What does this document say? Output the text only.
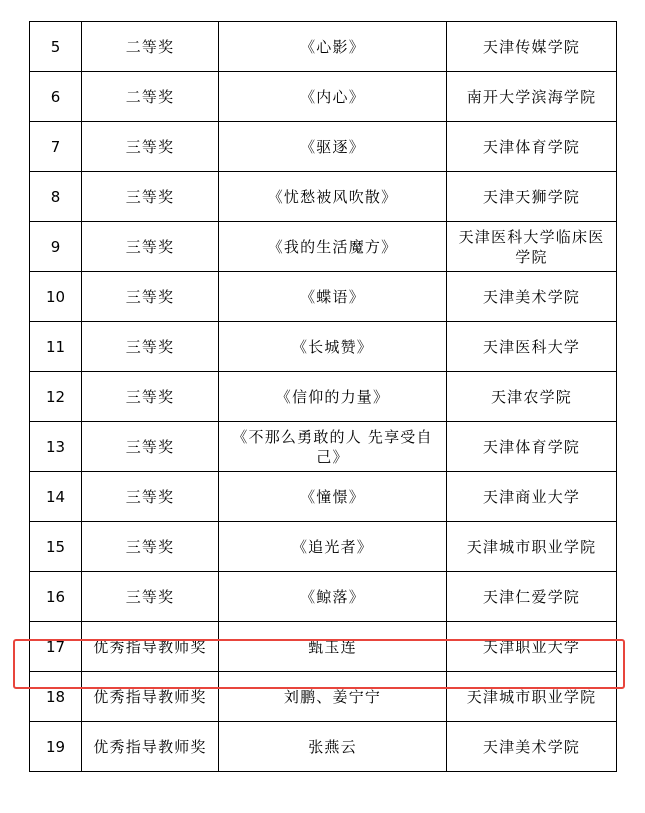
5	二等奖	《心影》	天津传媒学院
6	二等奖	《内心》	南开大学滨海学院
7	三等奖	《驱逐》	天津体育学院
8	三等奖	《忧愁被风吹散》	天津天狮学院
9	三等奖	《我的生活魔方》	天津医科大学临床医学院
10	三等奖	《蝶语》	天津美术学院
11	三等奖	《长城赞》	天津医科大学
12	三等奖	《信仰的力量》	天津农学院
13	三等奖	《不那么勇敢的人 先享受自己》	天津体育学院
14	三等奖	《憧憬》	天津商业大学
15	三等奖	《追光者》	天津城市职业学院
16	三等奖	《鲸落》	天津仁爱学院
17	优秀指导教师奖	甄玉连	天津职业大学
18	优秀指导教师奖	刘鹏、姜宁宁	天津城市职业学院
19	优秀指导教师奖	张燕云	天津美术学院
